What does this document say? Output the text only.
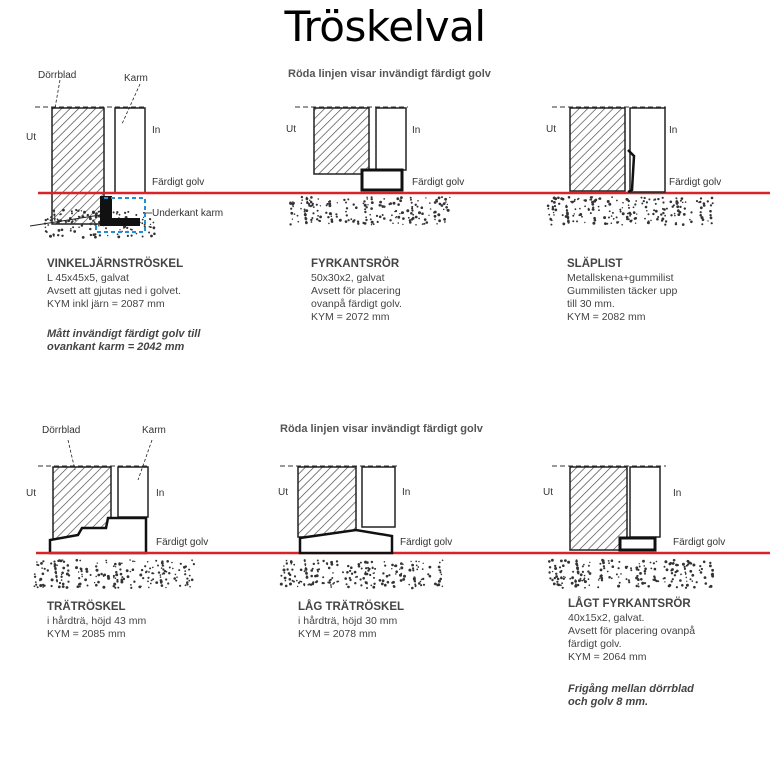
Tröskelval
Röda linjen visar invändigt färdigt golv
Röda linjen visar invändigt färdigt golv
Dörrblad	Karm
Ut
In
Färdigt golv
Underkant karm
Ut	In
Färdigt golv
Ut	In
Färdigt golv
Dörrblad	Karm
Ut	In
Färdigt golv
Ut	In
Färdigt golv
Ut	In
Färdigt golv
VINKELJÄRNSTRÖSKEL
L 45x45x5, galvat
Avsett att gjutas ned i golvet.
KYM inkl järn = 2087 mm
Mått invändigt färdigt golv till
ovankant karm = 2042 mm
FYRKANTSRÖR
50x30x2, galvat
Avsett för placering
ovanpå färdigt golv.
KYM = 2072 mm
SLÄPLIST
Metallskena+gummilist
Gummilisten täcker upp
till 30 mm.
KYM = 2082 mm
TRÄTRÖSKEL
i hårdträ, höjd 43 mm
KYM = 2085 mm
LÅG TRÄTRÖSKEL
i hårdträ, höjd 30 mm
KYM = 2078 mm
LÅGT FYRKANTSRÖR
40x15x2, galvat.
Avsett för placering ovanpå
färdigt golv.
KYM = 2064 mm
Frigång mellan dörrblad
och golv 8 mm.
